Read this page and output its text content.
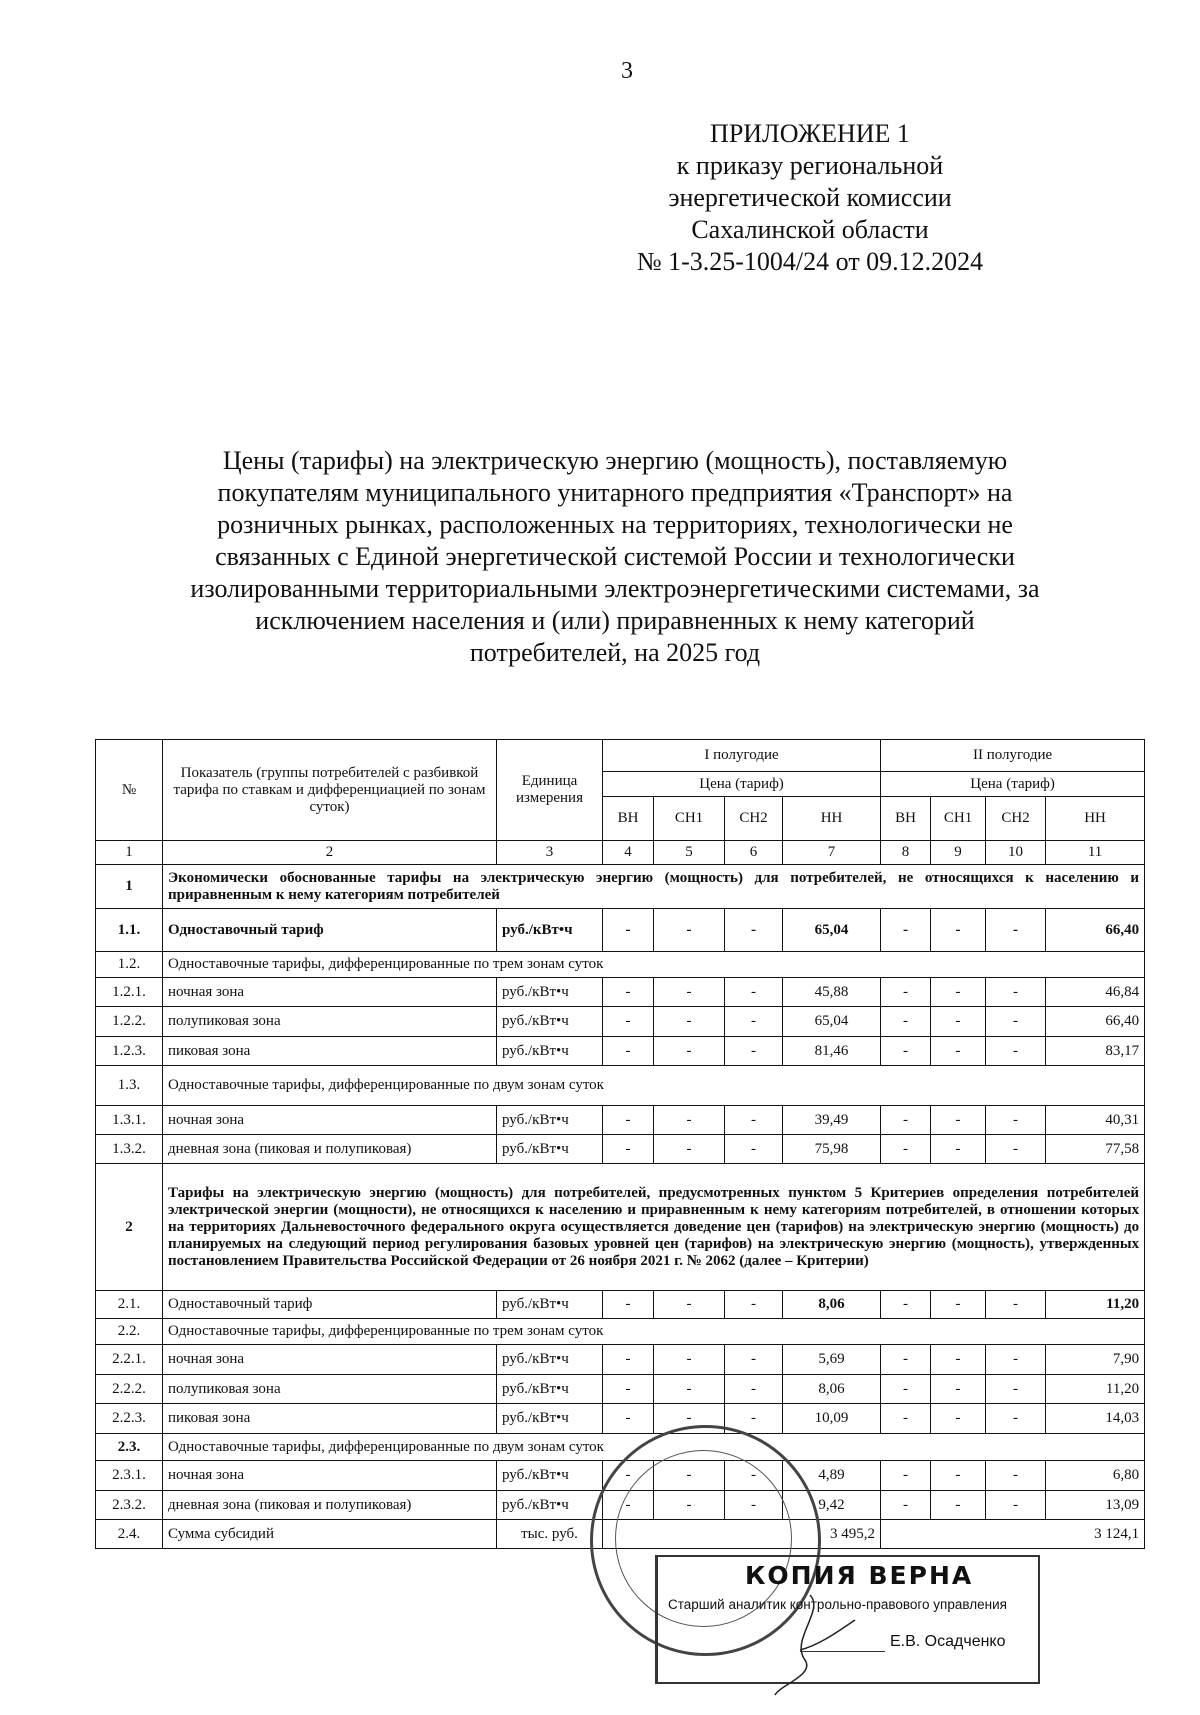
3
ПРИЛОЖЕНИЕ 1
к приказу региональной
энергетической комиссии
Сахалинской области
№ 1-3.25-1004/24 от 09.12.2024
Цены (тарифы) на электрическую энергию (мощность), поставляемую
покупателям муниципального унитарного предприятия «Транспорт» на
розничных рынках, расположенных на территориях, технологически не
связанных с Единой энергетической системой России и технологически
изолированными территориальными электроэнергетическими системами, за
исключением населения и (или) приравненных к нему категорий
потребителей, на 2025 год
№	Показатель (группы потребителей с разбивкой тарифа по ставкам и дифференциацией по зонам суток)	Единица измерения	I полугодие				II полугодие			
			Цена (тариф)				Цена (тариф)			
			ВН	СН1	СН2	НН	ВН	СН1	СН2	НН
1	2	3	4	5	6	7	8	9	10	11
1	Экономически обоснованные тарифы на электрическую энергию (мощность) для потребителей, не относящихся к населению и приравненным к нему категориям потребителей									
1.1.	Одноставочный тариф	руб./кВт•ч	-	-	-	65,04	-	-	-	66,40
1.2.	Одноставочные тарифы, дифференцированные по трем зонам суток									
1.2.1.	ночная зона	руб./кВт•ч	-	-	-	45,88	-	-	-	46,84
1.2.2.	полупиковая зона	руб./кВт•ч	-	-	-	65,04	-	-	-	66,40
1.2.3.	пиковая зона	руб./кВт•ч	-	-	-	81,46	-	-	-	83,17
1.3.	Одноставочные тарифы, дифференцированные по двум зонам суток									
1.3.1.	ночная зона	руб./кВт•ч	-	-	-	39,49	-	-	-	40,31
1.3.2.	дневная зона (пиковая и полупиковая)	руб./кВт•ч	-	-	-	75,98	-	-	-	77,58
2	Тарифы на электрическую энергию (мощность) для потребителей, предусмотренных пунктом 5 Критериев определения потребителей электрической энергии (мощности), не относящихся к населению и приравненным к нему категориям потребителей, в отношении которых на территориях Дальневосточного федерального округа осуществляется доведение цен (тарифов) на электрическую энергию (мощность) до планируемых на следующий период регулирования базовых уровней цен (тарифов) на электрическую энергию (мощность), утвержденных постановлением Правительства Российской Федерации от 26 ноября 2021 г. № 2062 (далее – Критерии)									
2.1.	Одноставочный тариф	руб./кВт•ч	-	-	-	8,06	-	-	-	11,20
2.2.	Одноставочные тарифы, дифференцированные по трем зонам суток									
2.2.1.	ночная зона	руб./кВт•ч	-	-	-	5,69	-	-	-	7,90
2.2.2.	полупиковая зона	руб./кВт•ч	-	-	-	8,06	-	-	-	11,20
2.2.3.	пиковая зона	руб./кВт•ч	-	-	-	10,09	-	-	-	14,03
2.3.	Одноставочные тарифы, дифференцированные по двум зонам суток									
2.3.1.	ночная зона	руб./кВт•ч	-	-	-	4,89	-	-	-	6,80
2.3.2.	дневная зона (пиковая и полупиковая)	руб./кВт•ч	-	-	-	9,42	-	-	-	13,09
2.4.	Сумма субсидий	тыс. руб.	3 495,2				3 124,1			
КОПИЯ ВЕРНА
Старший аналитик контрольно-правового управления
Е.В. Осадченко
